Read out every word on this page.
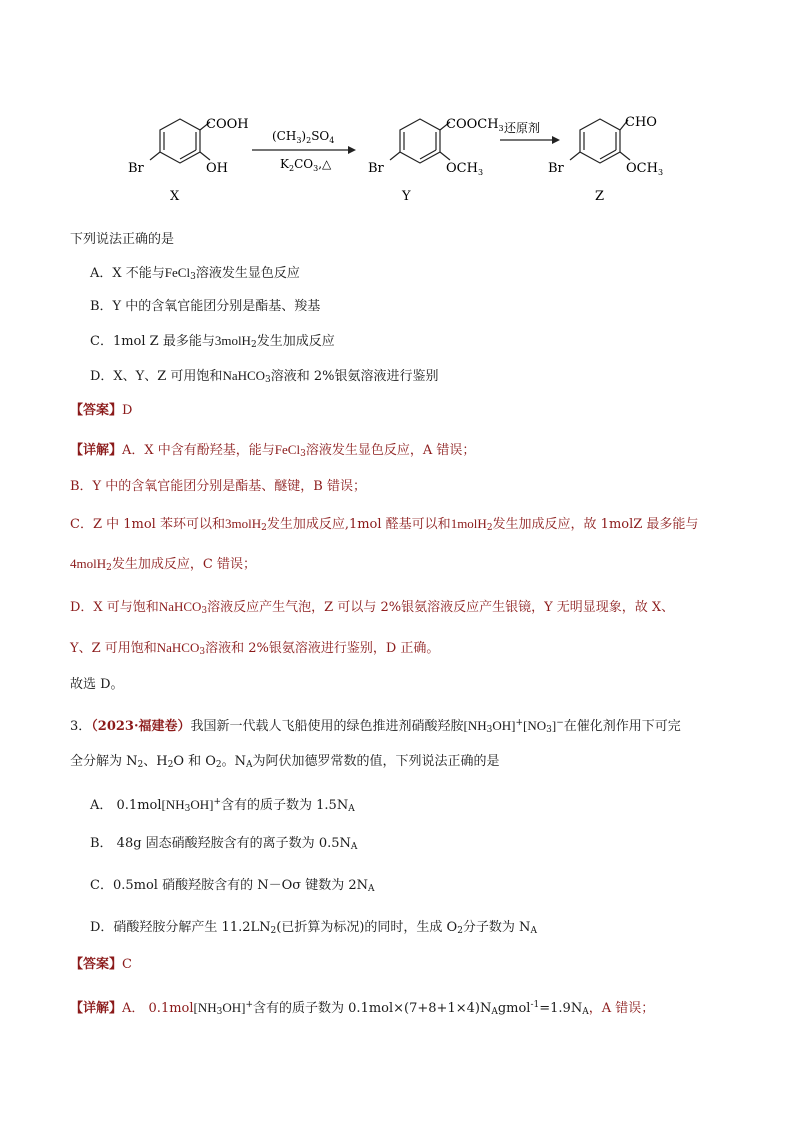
COOH
OH
Br
X
$(CH_3)_2SO_4$
$K_2CO_3,\triangle$
$COOCH_3$
$OCH_3$
Br
Y
还原剂	CHO
$OCH_3$
Br
Z
下列说法正确的是
A．X 不能与FeCl$_3$溶液发生显色反应
B．Y 中的含氧官能团分别是酯基、羧基
C．1mol Z 最多能与3molH$_2$发生加成反应
D．X、Y、Z 可用饱和NaHCO$_3$溶液和 2%银氨溶液进行鉴别
【答案】D
【详解】A．X 中含有酚羟基，能与FeCl$_3$溶液发生显色反应，A 错误；
B．Y 中的含氧官能团分别是酯基、醚键，B 错误；
C．Z 中 1mol 苯环可以和3molH$_2$发生加成反应,1mol 醛基可以和1molH$_2$发生加成反应，故 1molZ 最多能与
4molH$_2$发生加成反应，C 错误；
D．X 可与饱和NaHCO$_3$溶液反应产生气泡，Z 可以与 2%银氨溶液反应产生银镜，Y 无明显现象，故 X、
Y、Z 可用饱和NaHCO$_3$溶液和 2%银氨溶液进行鉴别，D 正确。
故选 D。
3．（2023·福建卷）我国新一代载人飞船使用的绿色推进剂硝酸羟胺$[NH_3OH]^+[NO_3]^-$在催化剂作用下可完
全分解为 $N_2$、$H_2O$ 和 $O_2$。$N_A$为阿伏加德罗常数的值，下列说法正确的是
A． $0.1mol[NH_3OH]^+$含有的质子数为 $1.5N_A$
B． 48g 固态硝酸羟胺含有的离子数为 $0.5N_A$
C．0.5mol 硝酸羟胺含有的 N－Oσ 键数为 $2N_A$
D．硝酸羟胺分解产生 $11.2LN_2$(已折算为标况)的同时，生成 $O_2$分子数为 $N_A$
【答案】C
【详解】A． $0.1mol[NH_3OH]^+$含有的质子数为 $0.1mol\times(7+8+1\times 4)N_Agmol^{-1}=1.9N_A$，A 错误；
